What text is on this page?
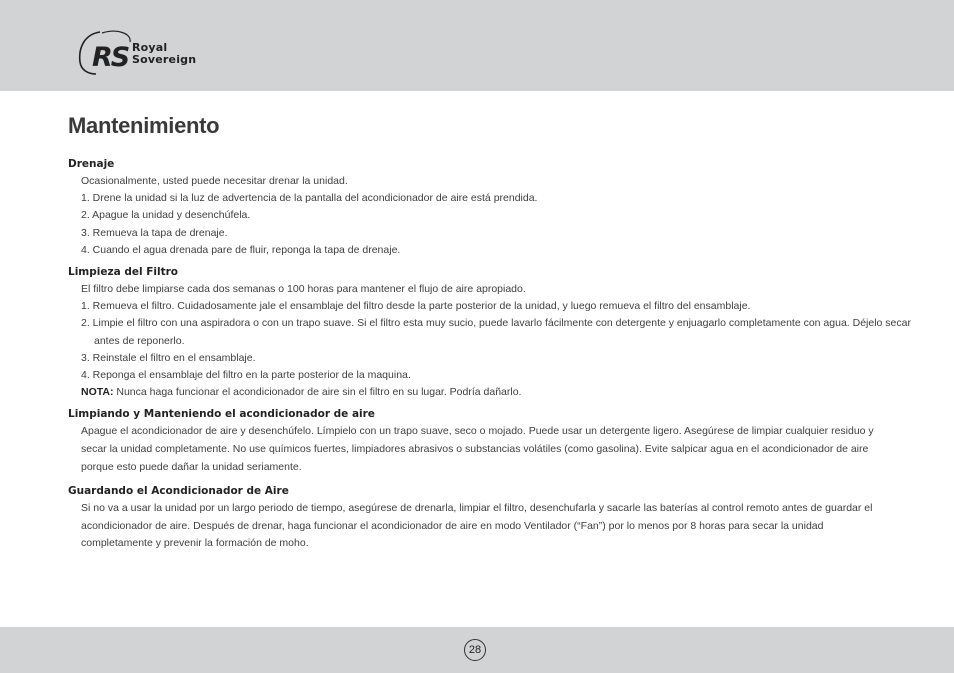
RS Royal
Sovereign
Mantenimiento

Drenaje

Ocasionalmente, usted puede necesitar drenar la unidad.

1. Drene la unidad si la luz de advertencia de la pantalla del acondicionador de aire está prendida.

2. Apague la unidad y desenchúfela.

3. Remueva la tapa de drenaje.

4. Cuando el agua drenada pare de fluir, reponga la tapa de drenaje.

Limpieza del Filtro

El filtro debe limpiarse cada dos semanas o 100 horas para mantener el flujo de aire apropiado.

1. Remueva el filtro. Cuidadosamente jale el ensamblaje del filtro desde la parte posterior de la unidad, y luego remueva el filtro del ensamblaje.

2. Limpie el filtro con una aspiradora o con un trapo suave. Si el filtro esta muy sucio, puede lavarlo fácilmente con detergente y enjuagarlo completamente con agua. Déjelo secar

antes de reponerlo.

3. Reinstale el filtro en el ensamblaje.

4. Reponga el ensamblaje del filtro en la parte posterior de la maquina.

NOTA: Nunca haga funcionar el acondicionador de aire sin el filtro en su lugar. Podría dañarlo.

Limpiando y Manteniendo el acondicionador de aire

Apague el acondicionador de aire y desenchúfelo. Límpielo con un trapo suave, seco o mojado. Puede usar un detergente ligero. Asegúrese de limpiar cualquier residuo y secar la unidad completamente. No use químicos fuertes, limpiadores abrasivos o substancias volátiles (como gasolina). Evite salpicar agua en el acondicionador de aire porque esto puede dañar la unidad seriamente.

Guardando el Acondicionador de Aire

Si no va a usar la unidad por un largo periodo de tiempo, asegúrese de drenarla, limpiar el filtro, desenchufarla y sacarle las baterías al control remoto antes de guardar el acondicionador de aire. Después de drenar, haga funcionar el acondicionador de aire en modo Ventilador (“Fan”) por lo menos por 8 horas para secar la unidad completamente y prevenir la formación de moho.

28
